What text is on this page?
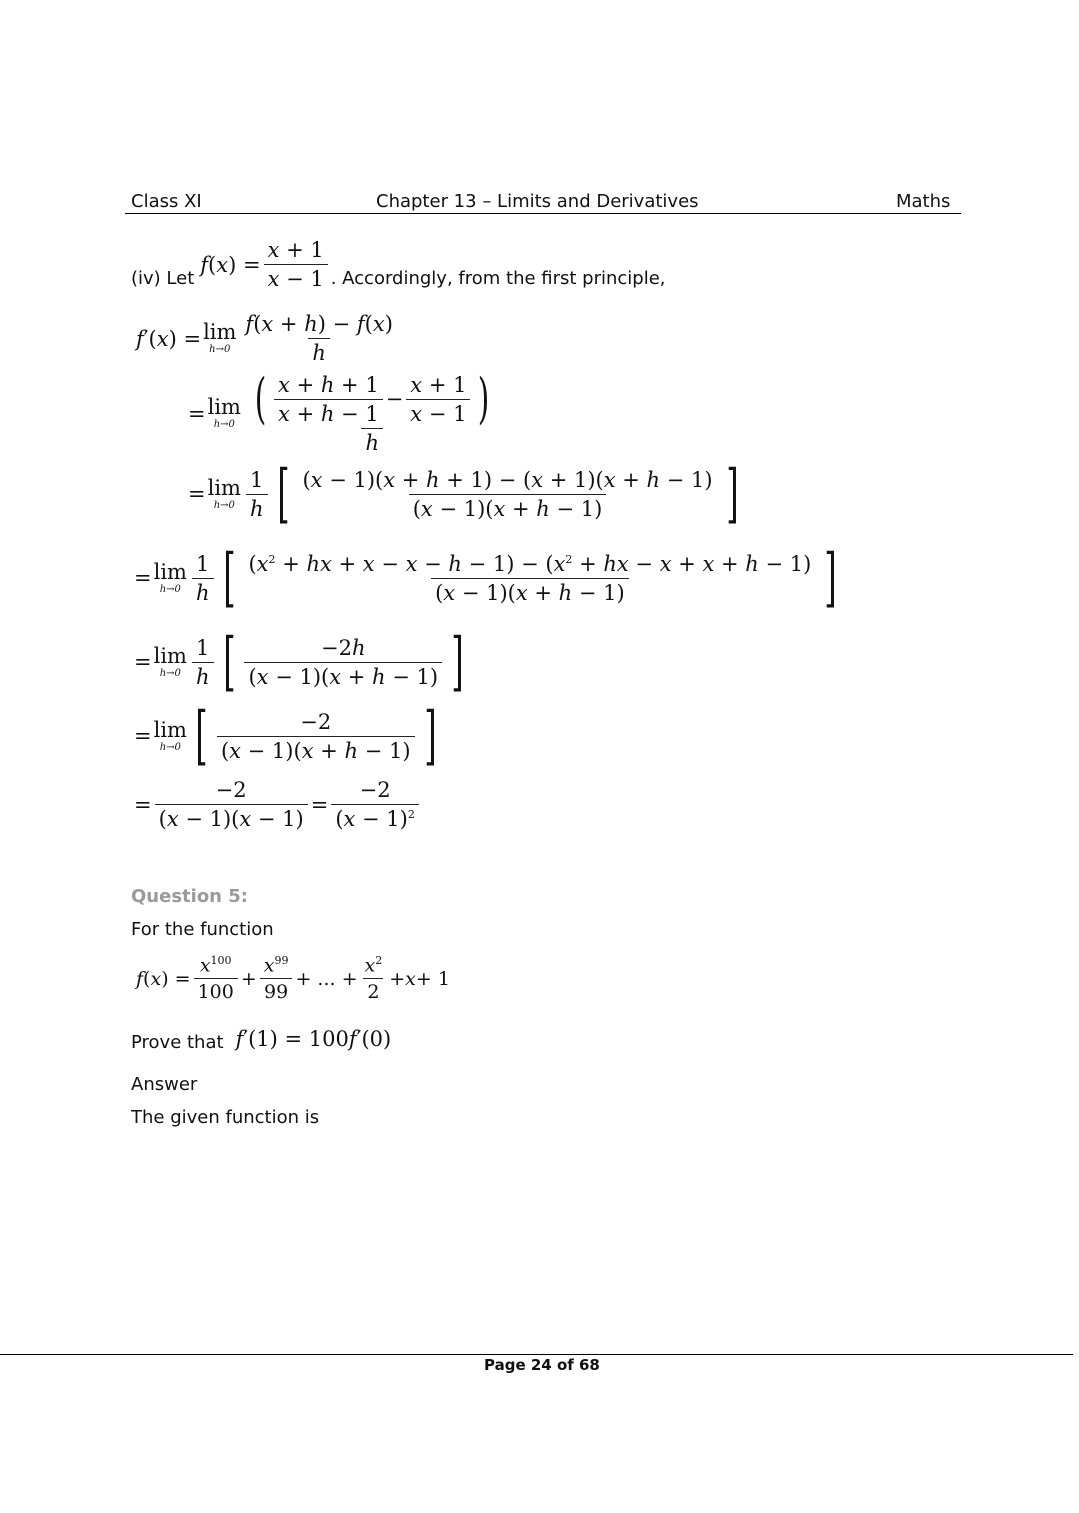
Class XI	Chapter 13 – Limits and Derivatives	Maths
(iv) Let
f ( x ) = $\frac{x + 1}{x - 1}$ . Accordingly, from the first principle,
f ′( x ) = lim
$h\to 0 \frac{f(x + h) - f(x)}{h}$
= lim
$h\to 0 \frac{( \frac{x + h + 1}{x + h - 1} - \frac{x + 1}{x - 1} )}{h}$
= lim
$h\to 0 \frac{1}{h}$ [ $\frac{(x - 1)(x + h + 1) - (x + 1)(x + h - 1)}{(x - 1)(x + h - 1)}$ ]
= lim
$h\to 0 \frac{1}{h}$ [ $\frac{(x^2 + hx + x - x - h - 1) - (x^2 + hx - x + x + h - 1)}{(x - 1)(x + h - 1)}$ ]
= lim
$h\to 0 \frac{1}{h}$ [ $\frac{-2h}{(x - 1)(x + h - 1)}$ ]
= lim
h→0 [ $\frac{-2}{(x - 1)(x + h - 1)}$ ]
= $\frac{-2}{(x - 1)(x - 1)} = \frac{-2}{(x - 1)^2}$
Question 5:
For the function
f ( x ) = $\frac{x^{100}}{100} + \frac{x^{99}}{99}$ + ... + $\frac{x^2}{2} + x + 1$
Prove that f ′(1) = 100 f ′(0)
Answer
The given function is
Page 24 of 68
